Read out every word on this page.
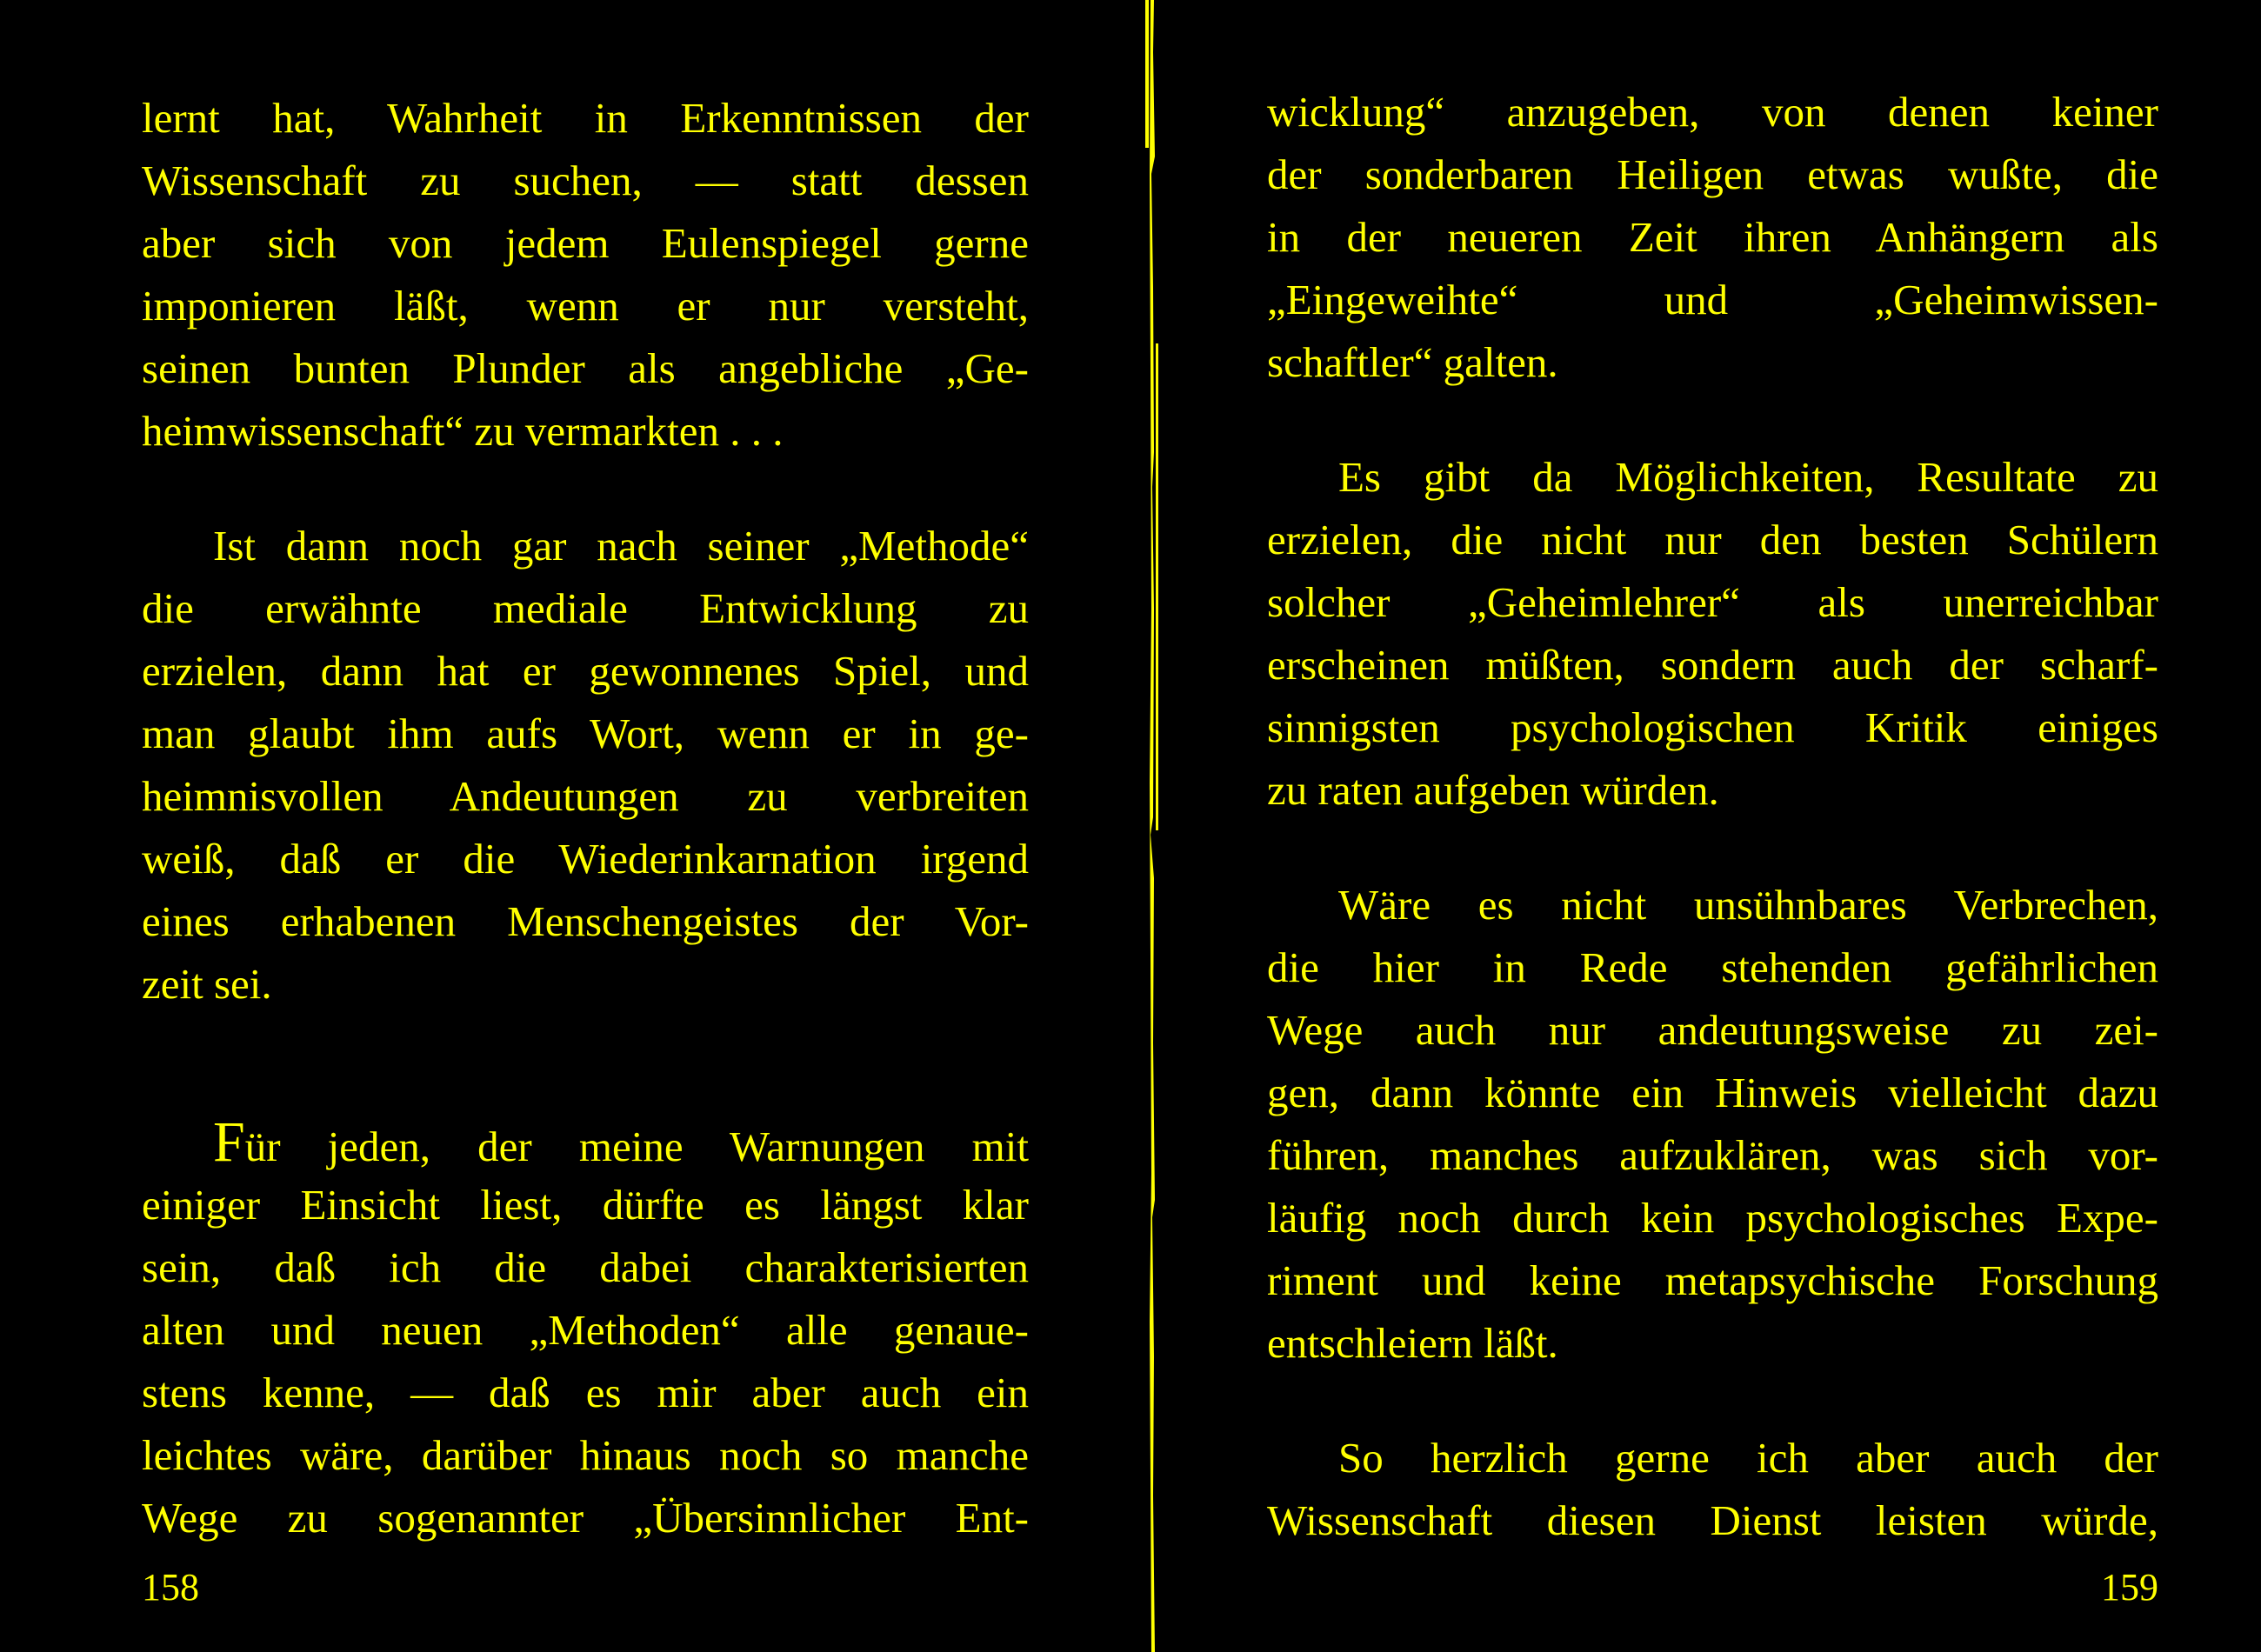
lernt hat, Wahrheit in Erkenntnissen der
Wissenschaft zu suchen, — statt dessen
aber sich von jedem Eulenspiegel gerne
imponieren läßt, wenn er nur versteht,
seinen bunten Plunder als angebliche „Ge-
heimwissenschaft“ zu vermarkten . . .
Ist dann noch gar nach seiner „Methode“
die erwähnte mediale Entwicklung zu
erzielen, dann hat er gewonnenes Spiel, und
man glaubt ihm aufs Wort, wenn er in ge-
heimnisvollen Andeutungen zu verbreiten
weiß, daß er die Wiederinkarnation irgend
eines erhabenen Menschengeistes der Vor-
zeit sei.
Für jeden, der meine Warnungen mit
einiger Einsicht liest, dürfte es längst klar
sein, daß ich die dabei charakterisierten
alten und neuen „Methoden“ alle genaue-
stens kenne, — daß es mir aber auch ein
leichtes wäre, darüber hinaus noch so manche
Wege zu sogenannter „Übersinnlicher Ent-
158
wicklung“ anzugeben, von denen keiner
der sonderbaren Heiligen etwas wußte, die
in der neueren Zeit ihren Anhängern als
„Eingeweihte“ und „Geheimwissen-
schaftler“ galten.
Es gibt da Möglichkeiten, Resultate zu
erzielen, die nicht nur den besten Schülern
solcher „Geheimlehrer“ als unerreichbar
erscheinen müßten, sondern auch der scharf-
sinnigsten psychologischen Kritik einiges
zu raten aufgeben würden.
Wäre es nicht unsühnbares Verbrechen,
die hier in Rede stehenden gefährlichen
Wege auch nur andeutungsweise zu zei-
gen, dann könnte ein Hinweis vielleicht dazu
führen, manches aufzuklären, was sich vor-
läufig noch durch kein psychologisches Expe-
riment und keine metapsychische Forschung
entschleiern läßt.
So herzlich gerne ich aber auch der
Wissenschaft diesen Dienst leisten würde,
159
